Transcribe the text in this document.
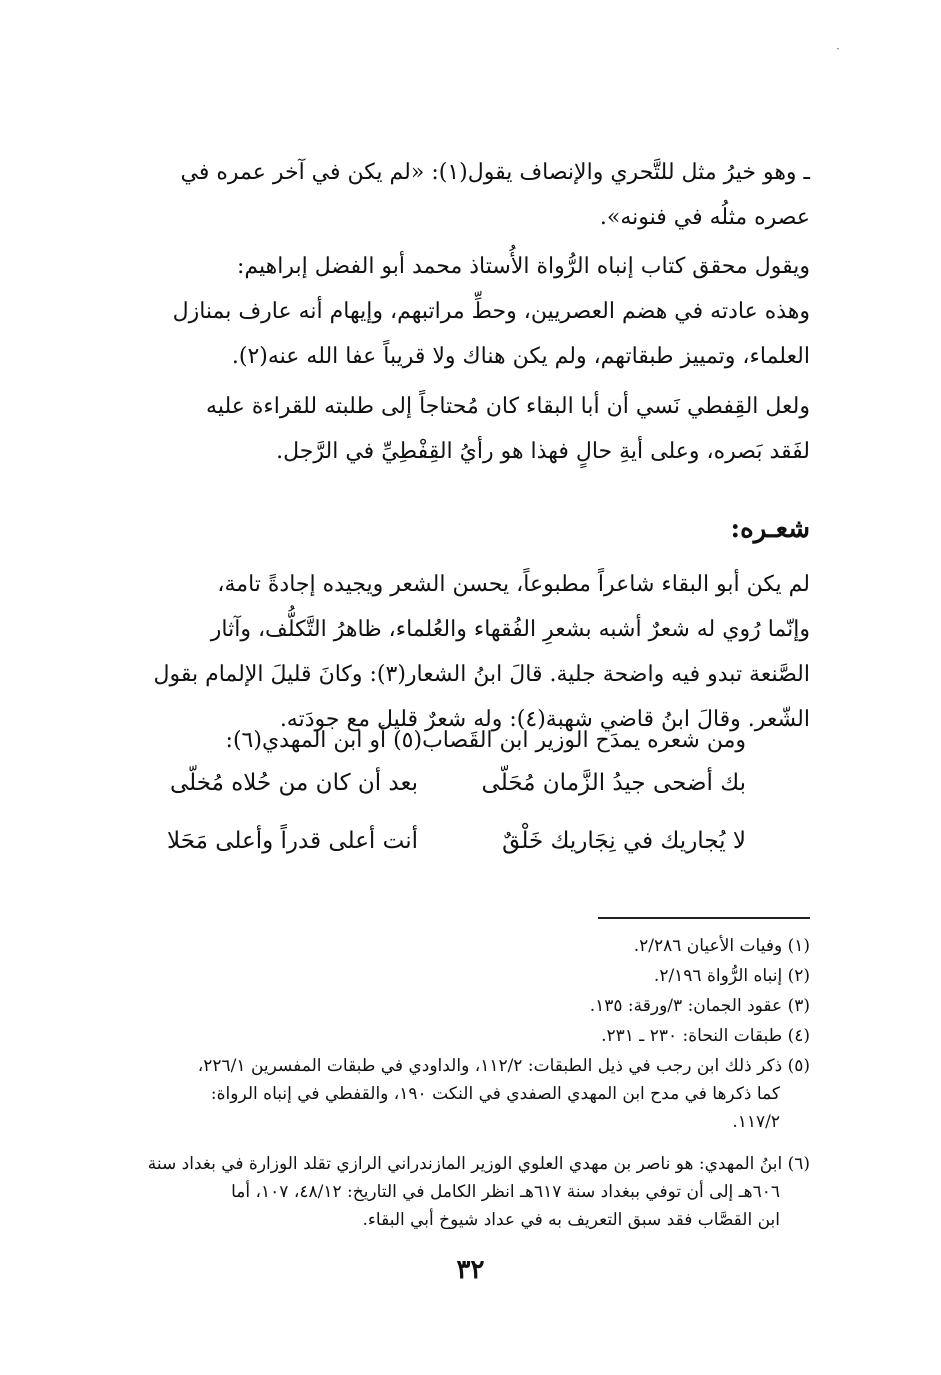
·

ـ وهو خيرُ مثل للتَّحري والإنصاف يقول(١): «لم يكن في آخر عمره في
عصره مثلُه في فنونه».

ويقول محقق كتاب إنباه الرُّواة الأُستاذ محمد أبو الفضل إبراهيم:
وهذه عادته في هضم العصريين، وحطِّ مراتبهم، وإيهام أنه عارف بمنازل
العلماء، وتمييز طبقاتهم، ولم يكن هناك ولا قريباً عفا الله عنه(٢).

ولعل القِفطي نَسي أن أبا البقاء كان مُحتاجاً إلى طلبته للقراءة عليه
لفَقد بَصره، وعلى أيةِ حالٍ فهذا هو رأيُ القِفْطِيِّ في الرَّجل.

شعـره:

لم يكن أبو البقاء شاعراً مطبوعاً، يحسن الشعر ويجيده إجادةً تامة،
وإنّما رُوي له شعرٌ أشبه بشعرِ الفُقهاء والعُلماء، ظاهرُ التَّكلُّف، وآثار
الصَّنعة تبدو فيه واضحة جلية. قالَ ابنُ الشعار(٣): وكانَ قليلَ الإلمام بقول
الشّعر. وقالَ ابنُ قاضي شهبة(٤): وله شعرٌ قليل مع جودَته.

ومن شعره يمدَح الوزير ابن القَصاب(٥) أو ابن المهدي(٦):
بك أضحى جيدُ الزَّمان مُحَلّى
بعد أن كان من حُلاه مُخلّى
لا يُجاريك في نِجَاريك خَلْقٌ
أنت أعلى قدراً وأعلى مَحَلا
(١) وفيات الأعيان ٢/٢٨٦.
(٢) إنباه الرُّواة ٢/١٩٦.
(٣) عقود الجمان: ٣/ورقة: ١٣٥.
(٤) طبقات النحاة: ٢٣٠ ـ ٢٣١.
(٥) ذكر ذلك ابن رجب في ذيل الطبقات: ١١٢/٢، والداودي في طبقات المفسرين ٢٢٦/١،
كما ذكرها في مدح ابن المهدي الصفدي في النكت ١٩٠، والقفطي في إنباه الرواة:
١١٧/٢.
(٦) ابنُ المهدي: هو ناصر بن مهدي العلوي الوزير المازندراني الرازي تقلد الوزارة في بغداد سنة
٦٠٦هـ إلى أن توفي ببغداد سنة ٦١٧هـ انظر الكامل في التاريخ: ٤٨/١٢، ١٠٧، أما
ابن القصَّاب فقد سبق التعريف به في عداد شيوخ أبي البقاء.
٣٢
